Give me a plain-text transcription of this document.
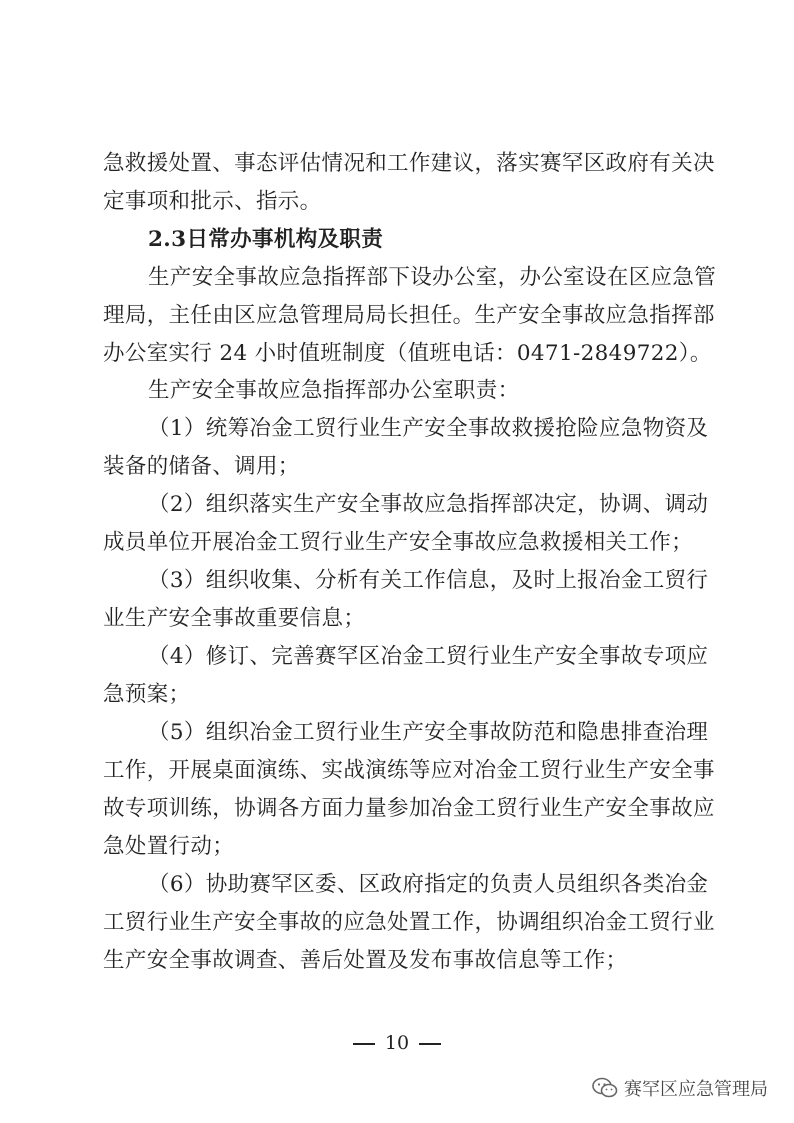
急救援处置、事态评估情况和工作建议，落实赛罕区政府有关决
定事项和批示、指示。
2.3日常办事机构及职责
生产安全事故应急指挥部下设办公室，办公室设在区应急管
理局，主任由区应急管理局局长担任。生产安全事故应急指挥部
办公室实行 24 小时值班制度（值班电话：0471-2849722）。
生产安全事故应急指挥部办公室职责：
（1）统筹冶金工贸行业生产安全事故救援抢险应急物资及
装备的储备、调用；
（2）组织落实生产安全事故应急指挥部决定，协调、调动
成员单位开展冶金工贸行业生产安全事故应急救援相关工作；
（3）组织收集、分析有关工作信息，及时上报冶金工贸行
业生产安全事故重要信息；
（4）修订、完善赛罕区冶金工贸行业生产安全事故专项应
急预案；
（5）组织冶金工贸行业生产安全事故防范和隐患排查治理
工作，开展桌面演练、实战演练等应对冶金工贸行业生产安全事
故专项训练，协调各方面力量参加冶金工贸行业生产安全事故应
急处置行动；
（6）协助赛罕区委、区政府指定的负责人员组织各类冶金
工贸行业生产安全事故的应急处置工作，协调组织冶金工贸行业
生产安全事故调查、善后处置及发布事故信息等工作；
10
赛罕区应急管理局
